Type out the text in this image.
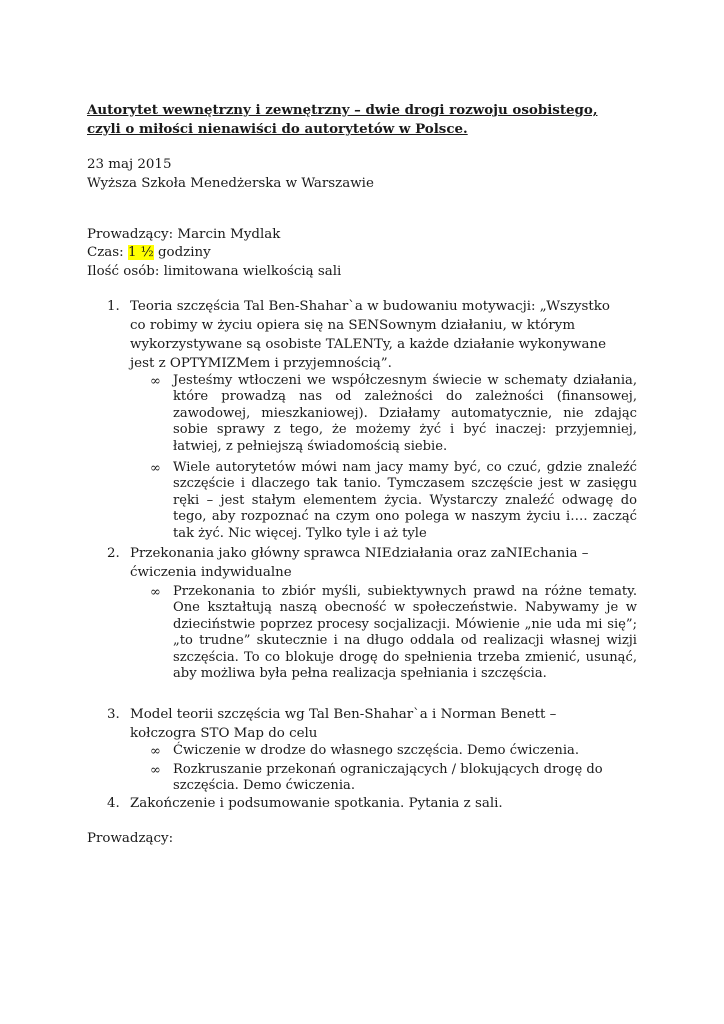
Autorytet wewnętrzny i zewnętrzny – dwie drogi rozwoju osobistego, czyli o miłości nienawiści do autorytetów w Polsce.

23 maj 2015

Wyższa Szkoła Menedżerska w Warszawie

Prowadzący: Marcin Mydlak

Czas: 1 ½ godziny

Ilość osób: limitowana wielkością sali

1. Teoria szczęścia Tal Ben-Shahar`a w budowaniu motywacji: „Wszystko co robimy w życiu opiera się na SENSownym działaniu, w którym wykorzystywane są osobiste TALENTy, a każde działanie wykonywane jest z OPTYMIZMem i przyjemnością”.

∞ Jesteśmy wtłoczeni we współczesnym świecie w schematy działania, które prowadzą nas od zależności do zależności (finansowej, zawodowej, mieszkaniowej). Działamy automatycznie, nie zdając sobie sprawy z tego, że możemy żyć i być inaczej: przyjemniej, łatwiej, z pełniejszą świadomością siebie.

∞ Wiele autorytetów mówi nam jacy mamy być, co czuć, gdzie znaleźć szczęście i dlaczego tak tanio. Tymczasem szczęście jest w zasięgu ręki – jest stałym elementem życia. Wystarczy znaleźć odwagę do tego, aby rozpoznać na czym ono polega w naszym życiu i…. zacząć tak żyć. Nic więcej. Tylko tyle i aż tyle

2. Przekonania jako główny sprawca NIEdziałania oraz zaNIEchania – ćwiczenia indywidualne

∞ Przekonania to zbiór myśli, subiektywnych prawd na różne tematy. One kształtują naszą obecność w społeczeństwie. Nabywamy je w dzieciństwie poprzez procesy socjalizacji. Mówienie „nie uda mi się”; „to trudne” skutecznie i na długo oddala od realizacji własnej wizji szczęścia. To co blokuje drogę do spełnienia trzeba zmienić, usunąć, aby możliwa była pełna realizacja spełniania i szczęścia.

3. Model teorii szczęścia wg Tal Ben-Shahar`a i Norman Benett – kołczogra STO Map do celu

∞ Ćwiczenie w drodze do własnego szczęścia. Demo ćwiczenia.

∞ Rozkruszanie przekonań ograniczających / blokujących drogę do szczęścia. Demo ćwiczenia.

4. Zakończenie i podsumowanie spotkania. Pytania z sali.

Prowadzący:
